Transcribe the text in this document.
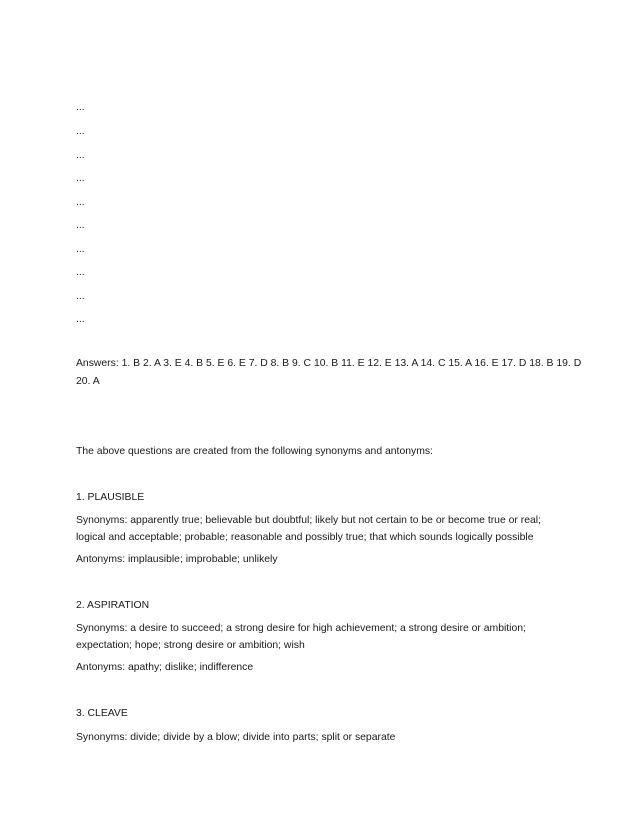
...
...
...
...
...
...
...
...
...
...
Answers: 1. B 2. A 3. E 4. B 5. E 6. E 7. D 8. B 9. C 10. B 11. E 12. E 13. A 14. C 15. A 16. E 17. D 18. B 19. D
20. A
The above questions are created from the following synonyms and antonyms:
1. PLAUSIBLE
Synonyms: apparently true; believable but doubtful; likely but not certain to be or become true or real;
logical and acceptable; probable; reasonable and possibly true; that which sounds logically possible
Antonyms: implausible; improbable; unlikely
2. ASPIRATION
Synonyms: a desire to succeed; a strong desire for high achievement; a strong desire or ambition;
expectation; hope; strong desire or ambition; wish
Antonyms: apathy; dislike; indifference
3. CLEAVE
Synonyms: divide; divide by a blow; divide into parts; split or separate
